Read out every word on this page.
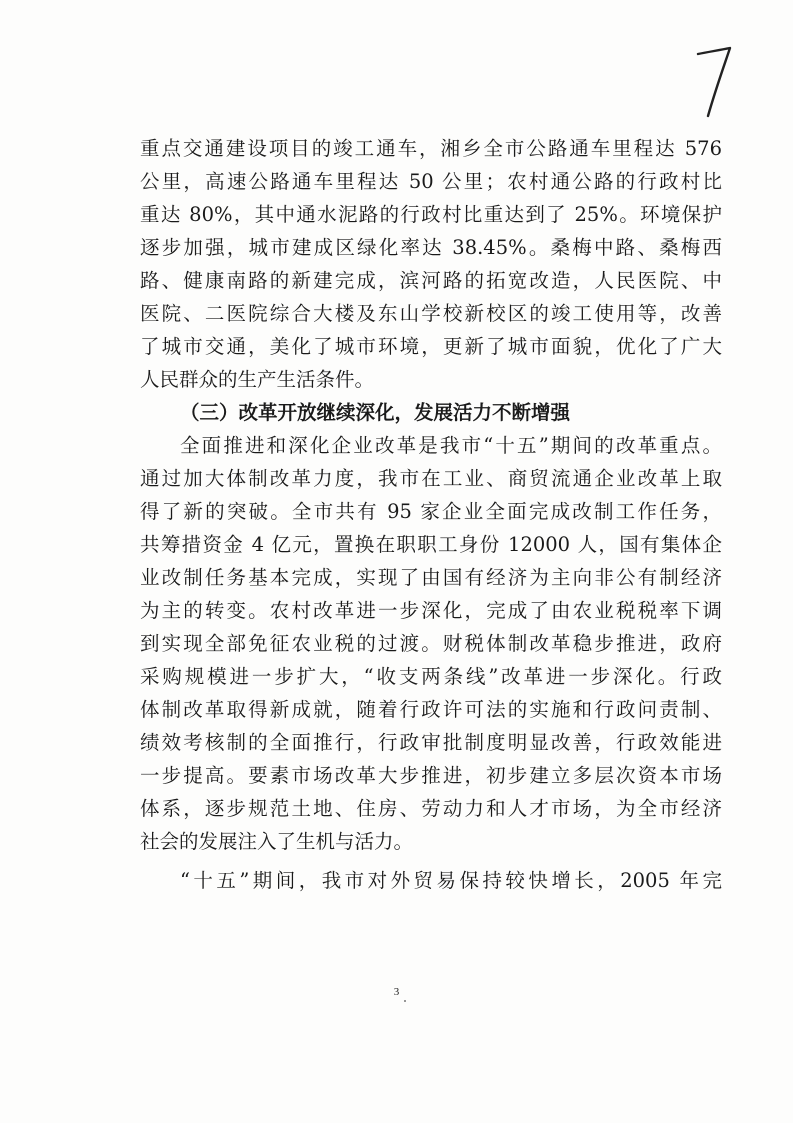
重点交通建设项目的竣工通车，湘乡全市公路通车里程达 576
公里，高速公路通车里程达 50 公里；农村通公路的行政村比
重达 80%，其中通水泥路的行政村比重达到了 25%。环境保护
逐步加强，城市建成区绿化率达 38.45%。桑梅中路、桑梅西
路、健康南路的新建完成，滨河路的拓宽改造，人民医院、中
医院、二医院综合大楼及东山学校新校区的竣工使用等，改善
了城市交通，美化了城市环境，更新了城市面貌，优化了广大
人民群众的生产生活条件。
（三）改革开放继续深化，发展活力不断增强
全面推进和深化企业改革是我市“十五”期间的改革重点。
通过加大体制改革力度，我市在工业、商贸流通企业改革上取
得了新的突破。全市共有 95 家企业全面完成改制工作任务，
共筹措资金 4 亿元，置换在职职工身份 12000 人，国有集体企
业改制任务基本完成，实现了由国有经济为主向非公有制经济
为主的转变。农村改革进一步深化，完成了由农业税税率下调
到实现全部免征农业税的过渡。财税体制改革稳步推进，政府
采购规模进一步扩大，“收支两条线”改革进一步深化。行政
体制改革取得新成就，随着行政许可法的实施和行政问责制、
绩效考核制的全面推行，行政审批制度明显改善，行政效能进
一步提高。要素市场改革大步推进，初步建立多层次资本市场
体系，逐步规范土地、住房、劳动力和人才市场，为全市经济
社会的发展注入了生机与活力。
“十五”期间，我市对外贸易保持较快增长，2005 年完
3
